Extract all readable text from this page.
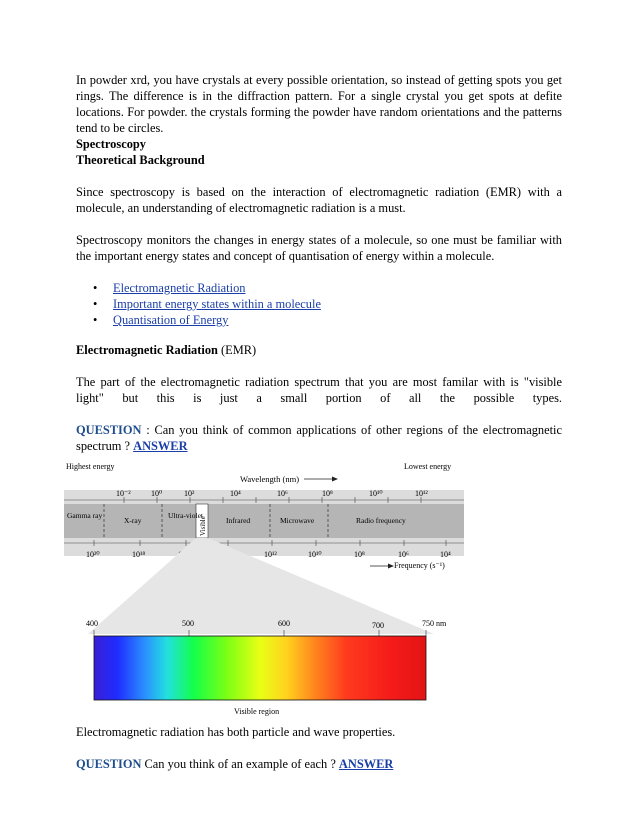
In powder xrd, you have crystals at every possible orientation, so instead of getting spots you get rings. The difference is in the diffraction pattern. For a single crystal you get spots at defite locations. For powder. the crystals forming the powder have random orientations and the patterns tend to be circles.

Spectroscopy

Theoretical Background

Since spectroscopy is based on the interaction of electromagnetic radiation (EMR) with a molecule, an understanding of electromagnetic radiation is a must.

Spectroscopy monitors the changes in energy states of a molecule, so one must be familiar with the important energy states and concept of quantisation of energy within a molecule.

• Electromagnetic Radiation
• Important energy states within a molecule
• Quantisation of Energy

Electromagnetic Radiation (EMR)

The part of the electromagnetic radiation spectrum that you are most familar with is "visible

light" but this is just a small portion of all the possible types.

QUESTION : Can you think of common applications of other regions of the electromagnetic spectrum ? ANSWER

Highest energy	Lowest energy
Wavelength (nm)
10⁻²	10⁰	10²	10⁴	10⁶	10⁸	10¹⁰	10¹²
Gamma ray
X-ray
Ultra-violet
Visible	Infrared	Microwave	Radio frequency
10²⁰	10¹⁸	10¹²	10¹⁰	10⁸	10⁶	10⁴
Frequency (s⁻¹)
400	500	600	700	750 nm
Visible region

Electromagnetic radiation has both particle and wave properties.

QUESTION Can you think of an example of each ? ANSWER
